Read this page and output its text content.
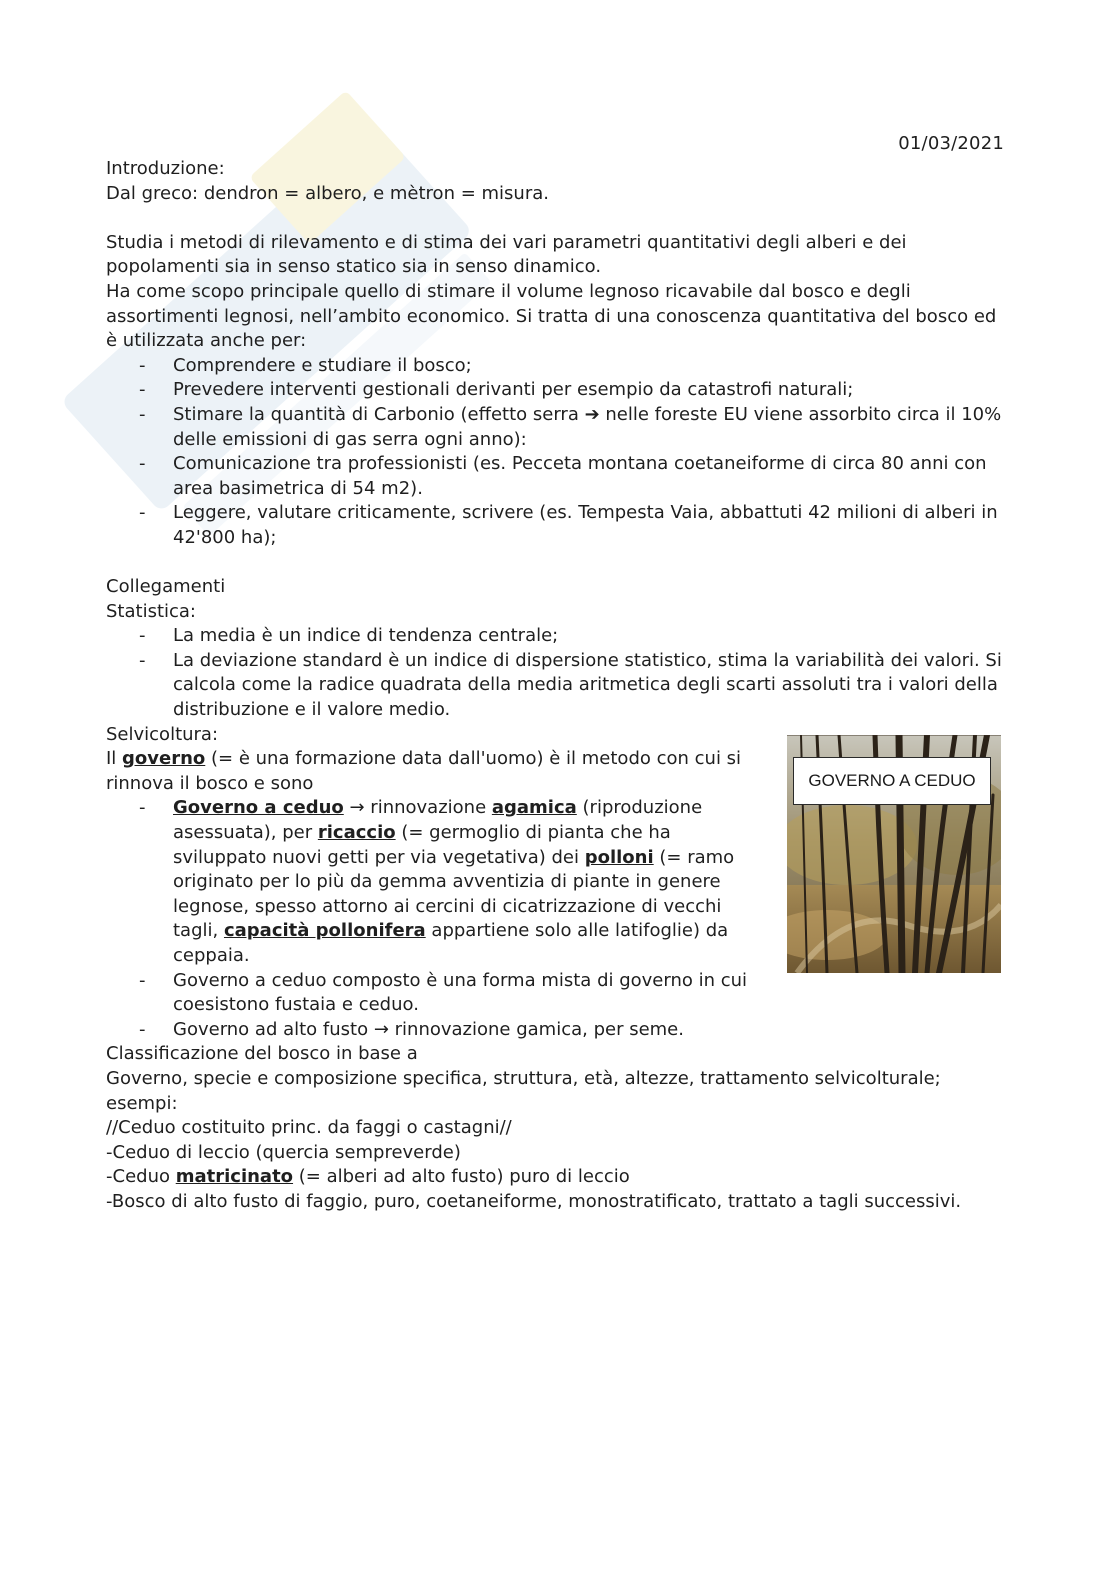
01/03/2021
Introduzione:
Dal greco: dendron = albero, e mètron = misura.
Studia i metodi di rilevamento e di stima dei vari parametri quantitativi degli alberi e dei
popolamenti sia in senso statico sia in senso dinamico.
Ha come scopo principale quello di stimare il volume legnoso ricavabile dal bosco e degli
assortimenti legnosi, nell’ambito economico. Si tratta di una conoscenza quantitativa del bosco ed
è utilizzata anche per:
- Comprendere e studiare il bosco;
- Prevedere interventi gestionali derivanti per esempio da catastrofi naturali;
- Stimare la quantità di Carbonio (effetto serra ➔ nelle foreste EU viene assorbito circa il 10% delle emissioni di gas serra ogni anno):
- Comunicazione tra professionisti (es. Pecceta montana coetaneiforme di circa 80 anni con area basimetrica di 54 m2).
- Leggere, valutare criticamente, scrivere (es. Tempesta Vaia, abbattuti 42 milioni di alberi in 42'800 ha);
Collegamenti
Statistica:
- La media è un indice di tendenza centrale;
- La deviazione standard è un indice di dispersione statistico, stima la variabilità dei valori. Si calcola come la radice quadrata della media aritmetica degli scarti assoluti tra i valori della distribuzione e il valore medio.
Selvicoltura:
Il governo (= è una formazione data dall'uomo) è il metodo con cui si rinnova il bosco e sono
- Governo a ceduo → rinnovazione agamica (riproduzione asessuata), per ricaccio (= germoglio di pianta che ha sviluppato nuovi getti per via vegetativa) dei polloni (= ramo originato per lo più da gemma avventizia di piante in genere legnose, spesso attorno ai cercini di cicatrizzazione di vecchi tagli, capacità pollonifera appartiene solo alle latifoglie) da ceppaia.
- Governo a ceduo composto è una forma mista di governo in cui coesistono fustaia e ceduo.
- Governo ad alto fusto → rinnovazione gamica, per seme.
Classificazione del bosco in base a
Governo, specie e composizione specifica, struttura, età, altezze, trattamento selvicolturale;
esempi:
//Ceduo costituito princ. da faggi o castagni//
-Ceduo di leccio (quercia sempreverde)
-Ceduo matricinato (= alberi ad alto fusto) puro di leccio
-Bosco di alto fusto di faggio, puro, coetaneiforme, monostratificato, trattato a tagli successivi.
GOVERNO A CEDUO
